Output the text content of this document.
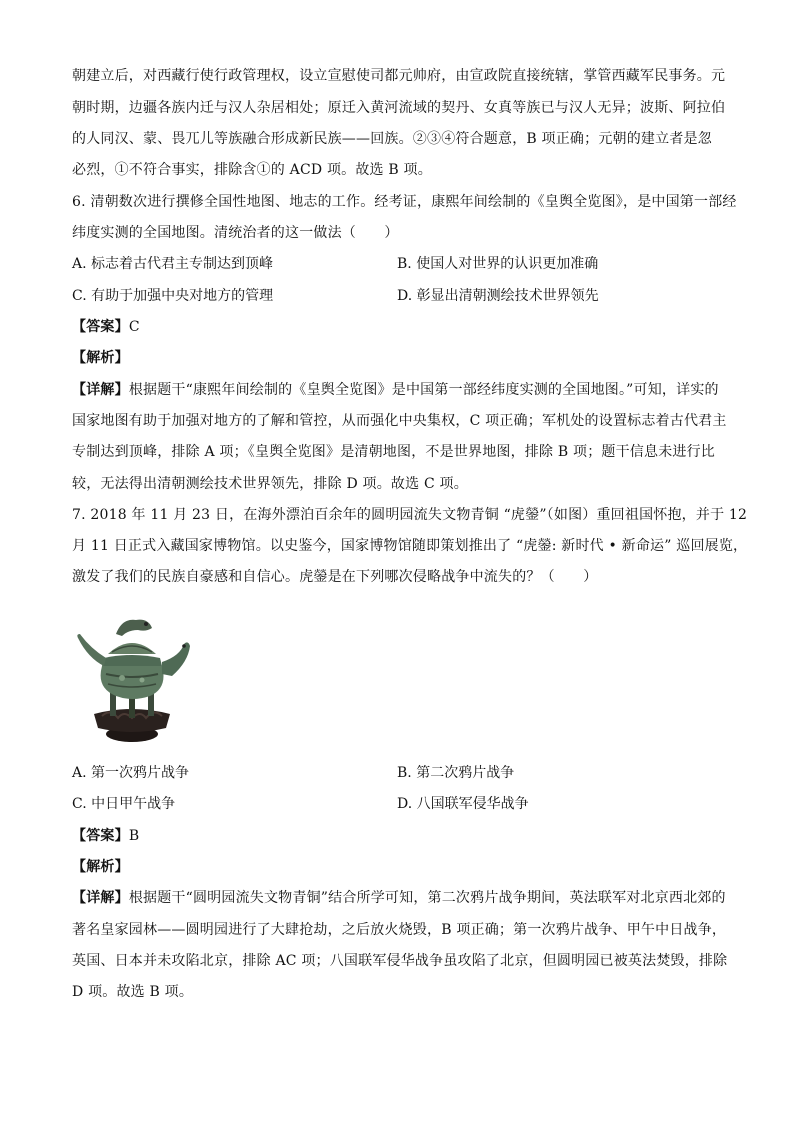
朝建立后，对西藏行使行政管理权，设立宣慰使司都元帅府，由宣政院直接统辖，掌管西藏军民事务。元
朝时期，边疆各族内迁与汉人杂居相处；原迁入黄河流域的契丹、女真等族已与汉人无异；波斯、阿拉伯
的人同汉、蒙、畏兀儿等族融合形成新民族——回族。②③④符合题意，B 项正确；元朝的建立者是忽
必烈，①不符合事实，排除含①的 ACD 项。故选 B 项。
6. 清朝数次进行撰修全国性地图、地志的工作。经考证，康熙年间绘制的《皇舆全览图》，是中国第一部经
纬度实测的全国地图。清统治者的这一做法（　　）
A. 标志着古代君主专制达到顶峰	B. 使国人对世界的认识更加准确
C. 有助于加强中央对地方的管理	D. 彰显出清朝测绘技术世界领先
【答案】C
【解析】
【详解】根据题干“康熙年间绘制的《皇舆全览图》是中国第一部经纬度实测的全国地图。”可知，详实的
国家地图有助于加强对地方的了解和管控，从而强化中央集权，C 项正确；军机处的设置标志着古代君主
专制达到顶峰，排除 A 项；《皇舆全览图》是清朝地图，不是世界地图，排除 B 项；题干信息未进行比
较，无法得出清朝测绘技术世界领先，排除 D 项。故选 C 项。
7. 2018 年 11 月 23 日，在海外漂泊百余年的圆明园流失文物青铜 “虎鎣”（如图）重回祖国怀抱，并于 12
月 11 日正式入藏国家博物馆。以史鉴今，国家博物馆随即策划推出了 “虎鎣: 新时代 • 新命运” 巡回展览，
激发了我们的民族自豪感和自信心。虎鎣是在下列哪次侵略战争中流失的？（　　）
A. 第一次鸦片战争	B. 第二次鸦片战争
C. 中日甲午战争	D. 八国联军侵华战争
【答案】B
【解析】
【详解】根据题干“圆明园流失文物青铜”结合所学可知，第二次鸦片战争期间，英法联军对北京西北郊的
著名皇家园林——圆明园进行了大肆抢劫，之后放火烧毁，B 项正确；第一次鸦片战争、甲午中日战争，
英国、日本并未攻陷北京，排除 AC 项；八国联军侵华战争虽攻陷了北京，但圆明园已被英法焚毁，排除
D 项。故选 B 项。
